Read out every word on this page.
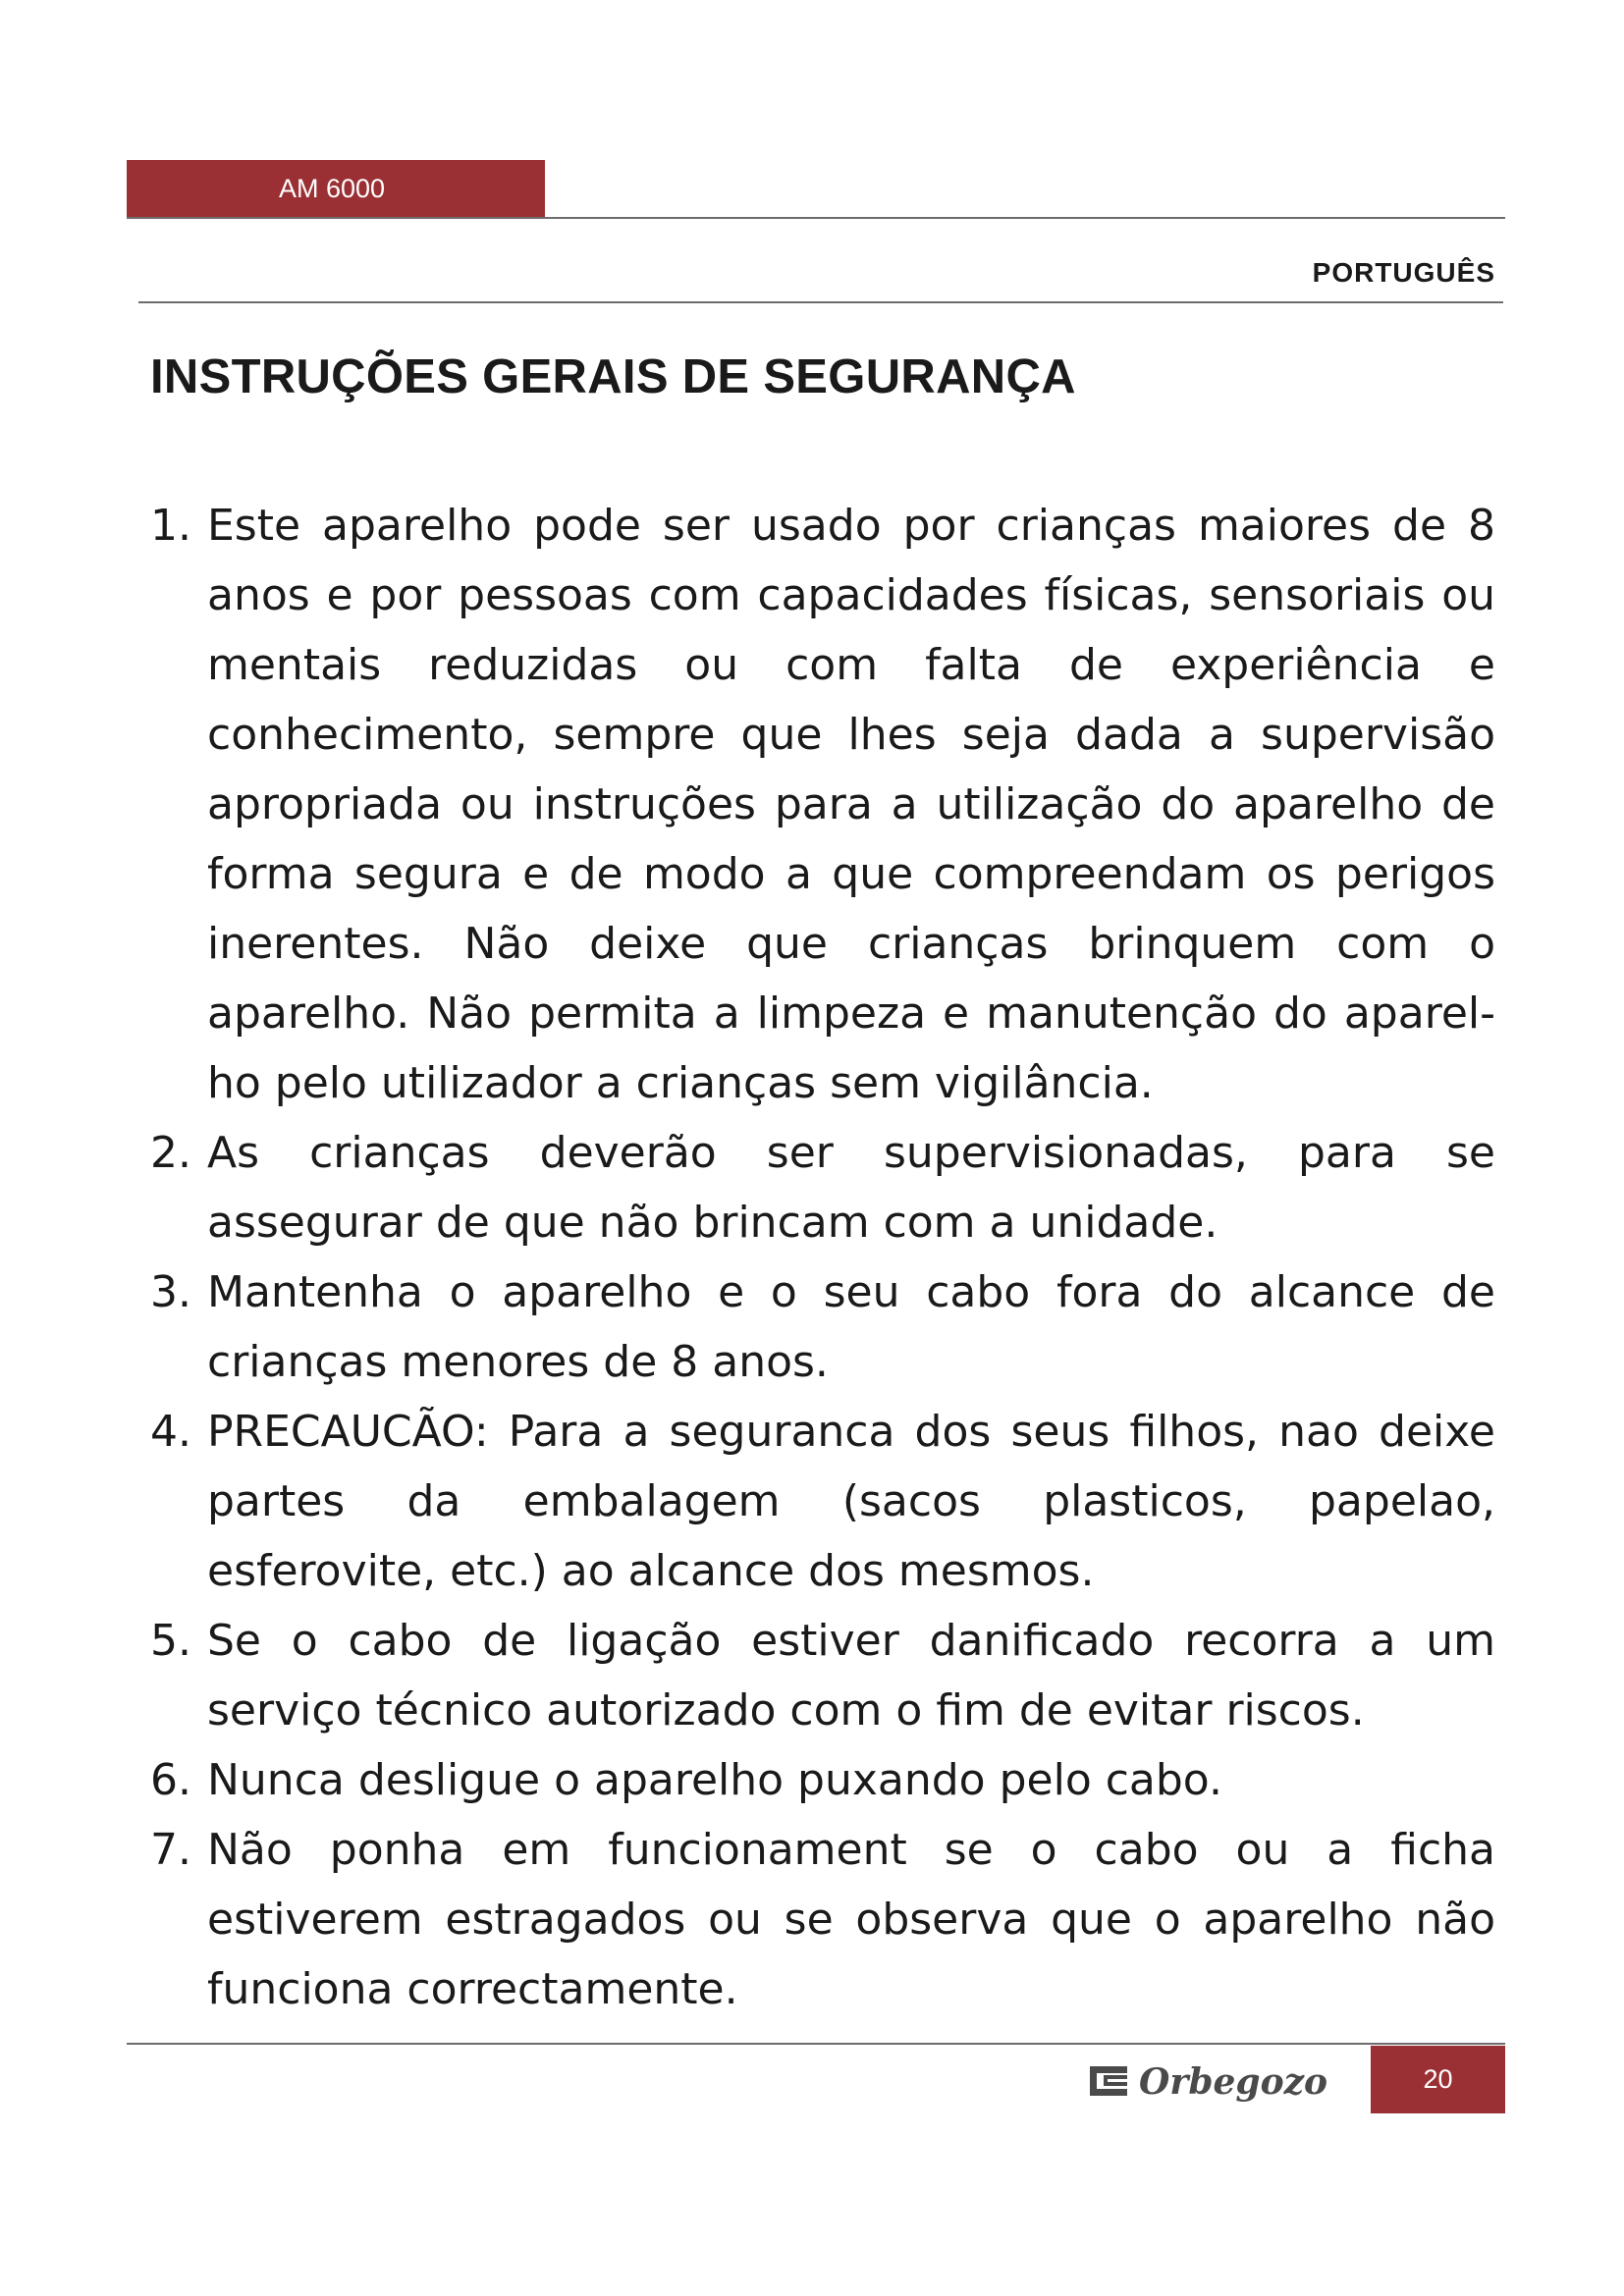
AM 6000
PORTUGUÊS
INSTRUÇÕES GERAIS DE SEGURANÇA
1. Este aparelho pode ser usado por crianças maiores de 8 anos e por pessoas com capacidades físicas, sensoriais ou mentais reduzidas ou com falta de experiência e conhecimento, sempre que lhes seja dada a supervisão apropriada ou instruções para a utilização do aparelho de forma segura e de modo a que compreendam os perigos inerentes. Não deixe que crianças brinquem com o aparelho. Não permita a limpeza e manutenção do aparel-ho pelo utilizador a crianças sem vigilância.
2. As crianças deverão ser supervisionadas, para se assegurar de que não brincam com a unidade.
3. Mantenha o aparelho e o seu cabo fora do alcance de crianças menores de 8 anos.
4. PRECAUCÃO: Para a seguranca dos seus filhos, nao deixe partes da embalagem (sacos plasticos, papelao, esferovite, etc.) ao alcance dos mesmos.
5. Se o cabo de ligação estiver danificado recorra a um serviço técnico autorizado com o fim de evitar riscos.
6. Nunca desligue o aparelho puxando pelo cabo.
7. Não ponha em funcionament se o cabo ou a ficha estiverem estragados ou se observa que o aparelho não funciona correctamente.
Orbegozo	20
